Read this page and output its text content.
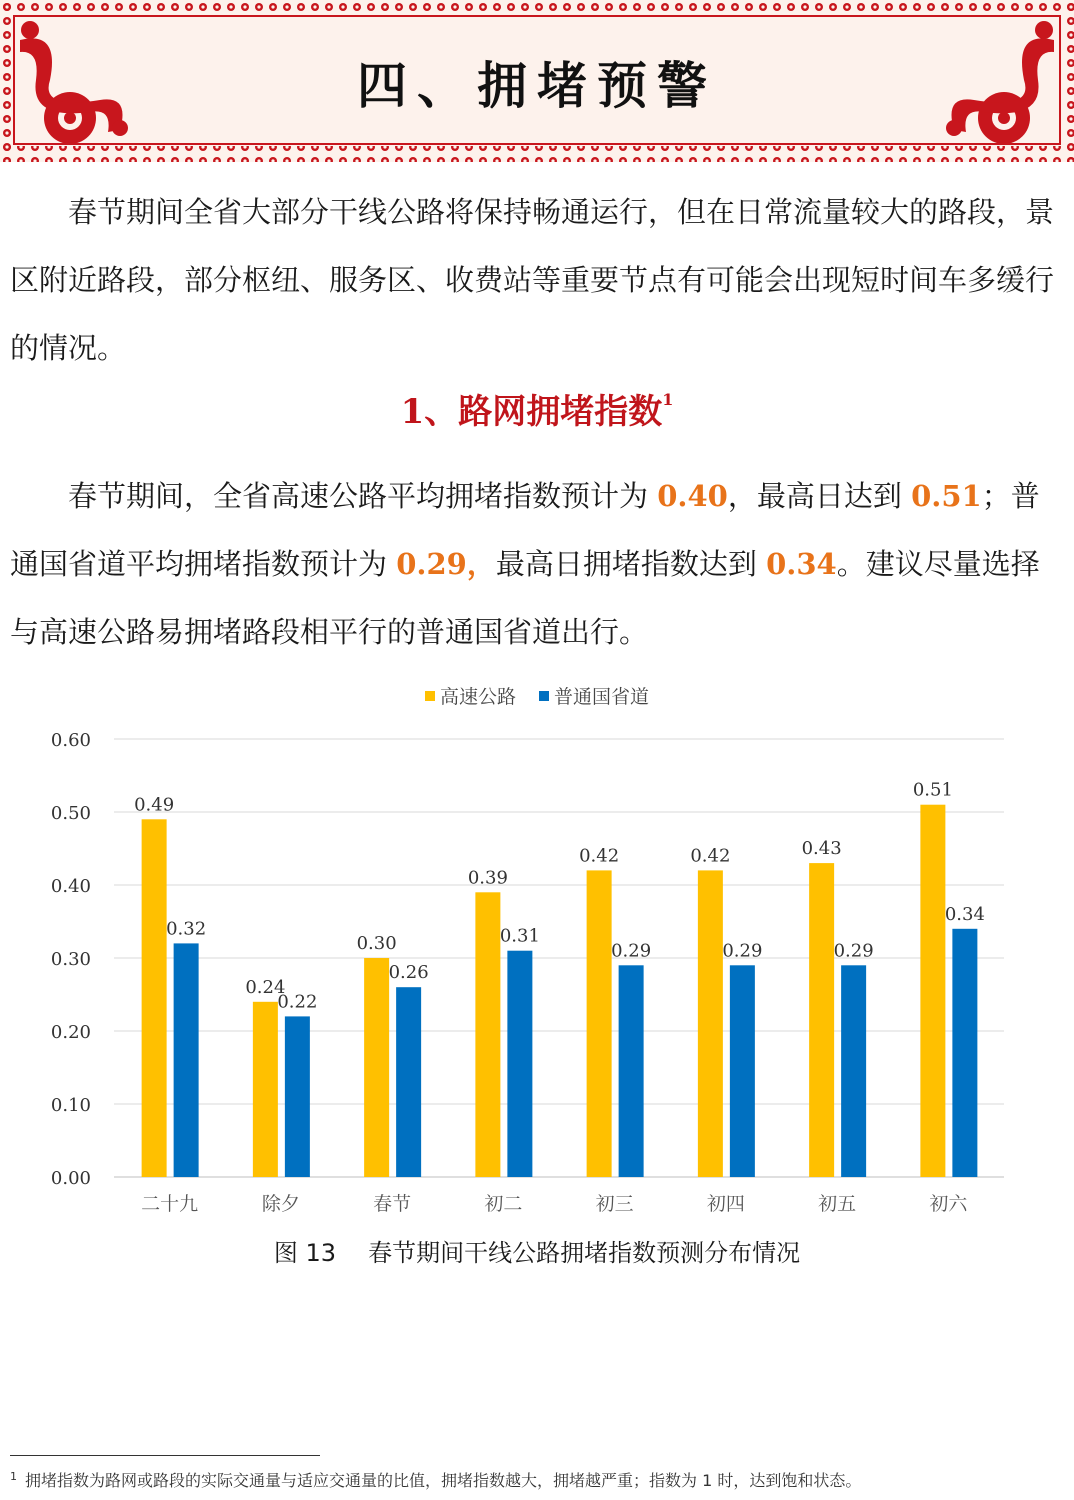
四、拥堵预警
春节期间全省大部分干线公路将保持畅通运行，但在日常流量较大的路段，景区附近路段，部分枢纽、服务区、收费站等重要节点有可能会出现短时间车多缓行的情况。
1、路网拥堵指数$^1$
春节期间，全省高速公路平均拥堵指数预计为 0.40，最高日达到 0.51；普通国省道平均拥堵指数预计为 0.29，最高日拥堵指数达到 0.34。建议尽量选择与高速公路易拥堵路段相平行的普通国省道出行。
0.00
0.10
0.20
0.30
0.40
0.50
0.60
高速公路 普通国省道
0.49
0.32
二十九
0.24
0.22
除夕
0.30
0.26
春节
0.39
0.31
初二
0.42
0.29
初三
0.42
0.29
初四
0.43
0.29
初五
0.51
0.34
初六
图 13 春节期间干线公路拥堵指数预测分布情况
$^1$ 拥堵指数为路网或路段的实际交通量与适应交通量的比值，拥堵指数越大，拥堵越严重；指数为 1 时，达到饱和状态。
